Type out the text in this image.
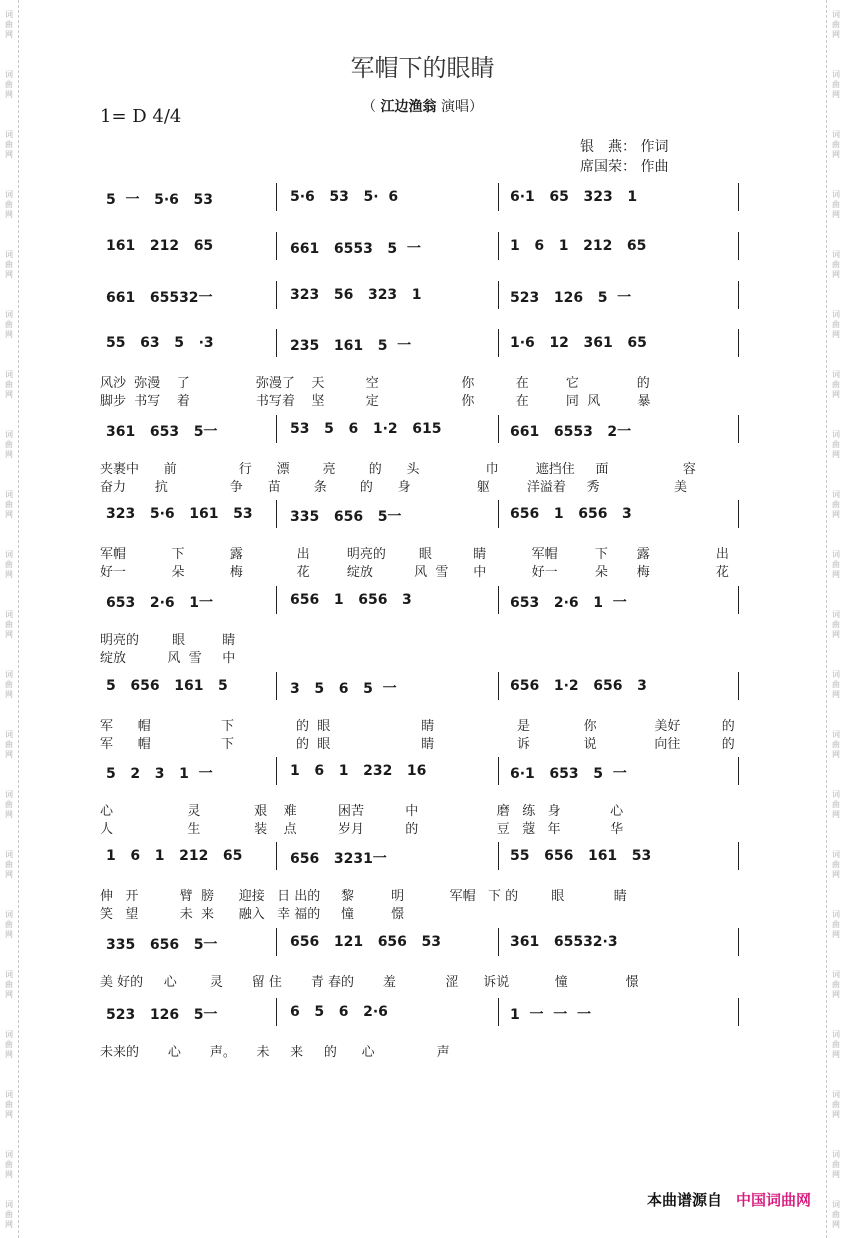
词曲网
词曲网
词曲网
词曲网
词曲网
词曲网
词曲网
词曲网
词曲网
词曲网
词曲网
词曲网
词曲网
词曲网
词曲网
词曲网
词曲网
词曲网
词曲网
词曲网
词曲网
词曲网
词曲网
词曲网
词曲网
词曲网
词曲网
词曲网
词曲网
词曲网
词曲网
词曲网
词曲网
词曲网
词曲网
词曲网
词曲网
词曲网
词曲网
词曲网
词曲网
词曲网
军帽下的眼睛
（ 江边渔翁 演唱）
1= D 4/4
银　燕： 作词
席国荣： 作曲
5  一   5·6   53	5·6   53   5·  6	6·1   65   323   1
161   212   65	661   6553   5  一	1   6   1   212   65
661   65532一	323   56   323   1	523   126   5  一
55   63   5   ·3	235   161   5  一	1·6   12   361   65
风沙  弥漫    了                弥漫了    天          空                    你          在         它              的
脚步  书写    着                书写着    坚          定                    你          在         同  风         暴
361   653   5一	53   5   6   1·2   615	661   6553   2一
夹裹中      前               行      漂        亮        的      头                巾         遮挡住     面                  容
奋力       抗               争      苗        条        的      身                躯         洋溢着     秀                  美
323   5·6   161   53	335   656   5一	656   1   656   3
军帽           下           露             出         明亮的        眼          睛           军帽         下       露                出
好一           朵           梅             花         绽放          风  雪      中           好一         朵       梅                花
653   2·6   1一	656   1   656   3	653   2·6   1  一
明亮的        眼         睛
绽放          风  雪     中
5   656   161   5	3   5   6   5  一	656   1·2   656   3
军      帽                 下               的  眼                      睛                    是             你              美好          的
军      帽                 下               的  眼                      睛                    诉             说              向往          的
5   2   3   1  一	1   6   1   232   16	6·1   653   5  一
心                  灵             艰    难          困苦          中                   磨   练   身            心
人                  生             装    点          岁月          的                   豆   蔻   年            华
1   6   1   212   65	656   3231一	55   656   161   53
伸   开          臂  膀      迎接   日 出的     黎         明           军帽   下 的        眼            睛
笑   望          未  来      融入   幸 福的     憧         憬
335   656   5一	656   121   656   53	361   65532·3
美 好的     心        灵       留 住       青 春的       羞            涩      诉说           憧              憬
523   126   5一	6   5   6   2·6	1  一  一  一
未来的       心       声。     未     来     的      心               声
本曲谱源自 中国词曲网
